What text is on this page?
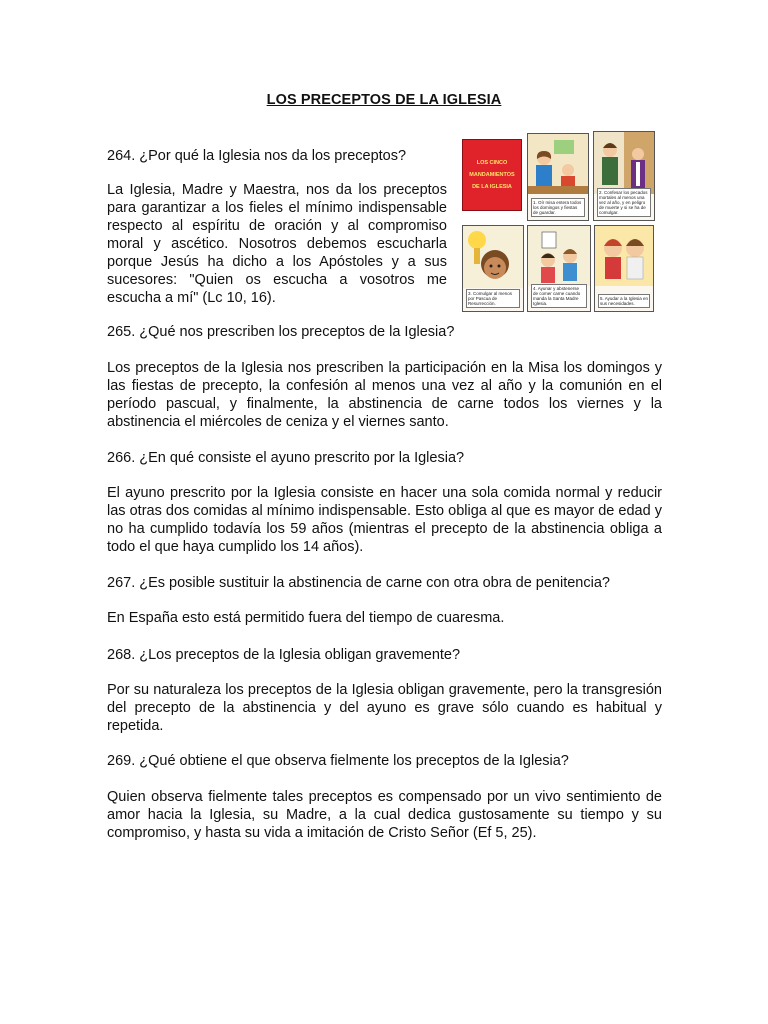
LOS PRECEPTOS DE LA IGLESIA
264. ¿Por qué la Iglesia nos da los preceptos?
La Iglesia, Madre y Maestra, nos da los preceptos para garantizar a los fieles el mínimo indispensable respecto al espíritu de oración y al compromiso moral y ascético. Nosotros debemos escucharla porque Jesús ha dicho a los Apóstoles y a sus sucesores: "Quien os escucha a vosotros me escucha a mí" (Lc 10, 16).
LOS CINCO
MANDAMIENTOS
DE LA IGLESIA
1. Oír misa entera todos los domingos y fiestas de guardar.
2. Confesar los pecados mortales al menos una vez al año, y en peligro de muerte y si se ha de comulgar.
3. Comulgar al menos por Pascua de Resurrección.
4. Ayunar y abstenerse de comer carne cuando manda la Santa Madre Iglesia.
5. Ayudar a la Iglesia en sus necesidades.
265. ¿Qué nos prescriben los preceptos de la Iglesia?
Los preceptos de la Iglesia nos prescriben la participación en la Misa los domingos y las fiestas de precepto, la confesión al menos una vez al año y la comunión en el período pascual, y finalmente, la abstinencia de carne todos los viernes y la abstinencia el miércoles de ceniza y el viernes santo.
266. ¿En qué consiste el ayuno prescrito por la Iglesia?
El ayuno prescrito por la Iglesia consiste en hacer una sola comida normal y reducir las otras dos comidas al mínimo indispensable. Esto obliga al que es mayor de edad y no ha cumplido todavía los 59 años (mientras el precepto de la abstinencia obliga a todo el que haya cumplido los 14 años).
267. ¿Es posible sustituir la abstinencia de carne con otra obra de penitencia?
En España esto está permitido fuera del tiempo de cuaresma.
268. ¿Los preceptos de la Iglesia obligan gravemente?
Por su naturaleza los preceptos de la Iglesia obligan gravemente, pero la transgresión del precepto de la abstinencia y del ayuno es grave sólo cuando es habitual y repetida.
269. ¿Qué obtiene el que observa fielmente los preceptos de la Iglesia?
Quien observa fielmente tales preceptos es compensado por un vivo sentimiento de amor hacia la Iglesia, su Madre, a la cual dedica gustosamente su tiempo y su compromiso, y hasta su vida a imitación de Cristo Señor (Ef 5, 25).
